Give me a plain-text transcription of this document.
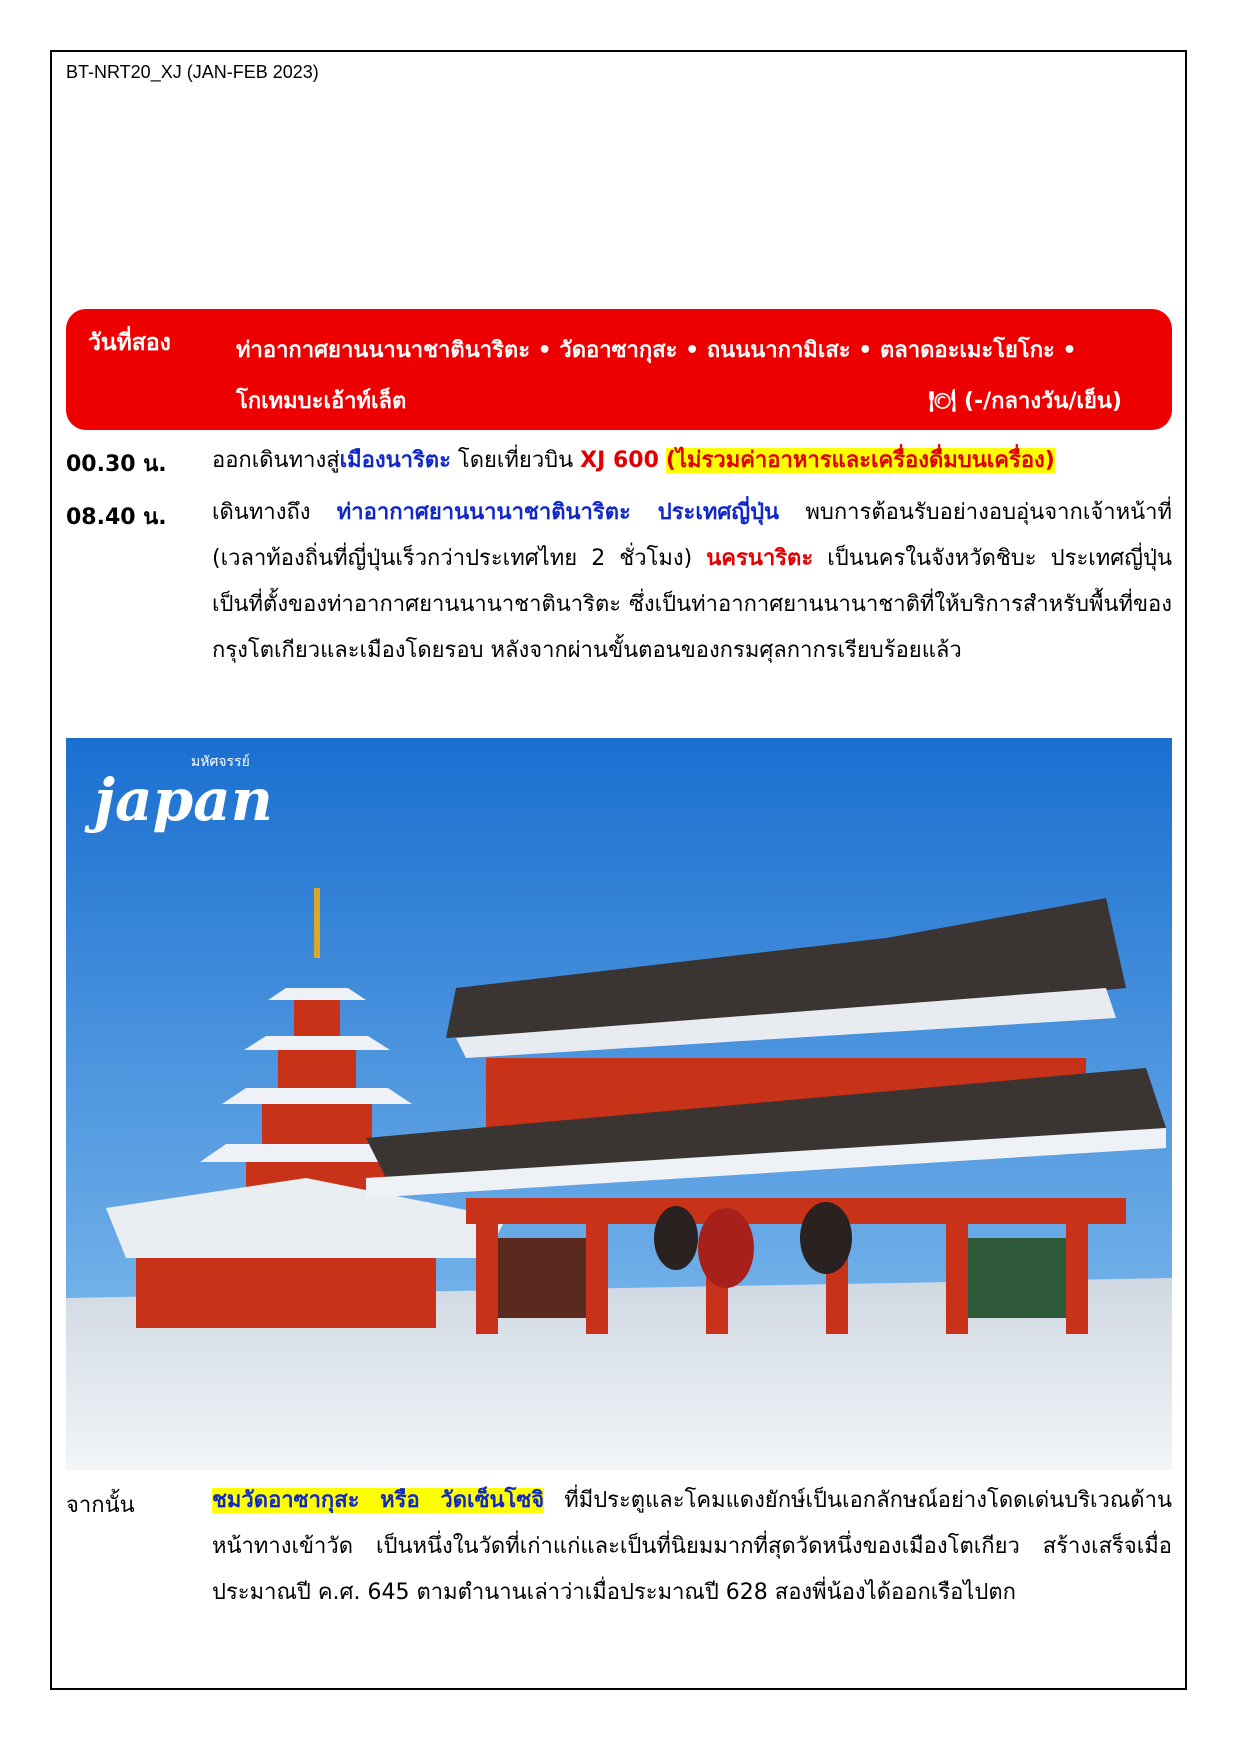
BT-NRT20_XJ (JAN-FEB 2023)
วันที่สอง	ท่าอากาศยานนานาชาตินาริตะ • วัดอาซากุสะ • ถนนนากามิเสะ • ตลาดอะเมะโยโกะ •
โกเทมบะเอ้าท์เล็ต	🍽 (-/กลางวัน/เย็น)
00.30 น. ออกเดินทางสู่เมืองนาริตะ โดยเที่ยวบิน XJ 600 (ไม่รวมค่าอาหารและเครื่องดื่มบนเครื่อง)
08.40 น. เดินทางถึง ท่าอากาศยานนานาชาตินาริตะ ประเทศญี่ปุ่น พบการต้อนรับอย่างอบอุ่นจากเจ้าหน้าที่ (เวลาท้องถิ่นที่ญี่ปุ่นเร็วกว่าประเทศไทย 2 ชั่วโมง) นครนาริตะ เป็นนครในจังหวัดชิบะ ประเทศญี่ปุ่น เป็นที่ตั้งของท่าอากาศยานนานาชาตินาริตะ ซึ่งเป็นท่าอากาศยานนานาชาติที่ให้บริการสำหรับพื้นที่ของกรุงโตเกียวและเมืองโดยรอบ หลังจากผ่านขั้นตอนของกรมศุลกากรเรียบร้อยแล้ว
มหัศจรรย์
japan
จากนั้น	ชมวัดอาซากุสะ หรือ วัดเซ็นโซจิ ที่มีประตูและโคมแดงยักษ์เป็นเอกลักษณ์อย่างโดดเด่นบริเวณด้านหน้าทางเข้าวัด เป็นหนึ่งในวัดที่เก่าแก่และเป็นที่นิยมมากที่สุดวัดหนึ่งของเมืองโตเกียว สร้างเสร็จเมื่อประมาณปี ค.ศ. 645 ตามตำนานเล่าว่าเมื่อประมาณปี 628 สองพี่น้องได้ออกเรือไปตก
